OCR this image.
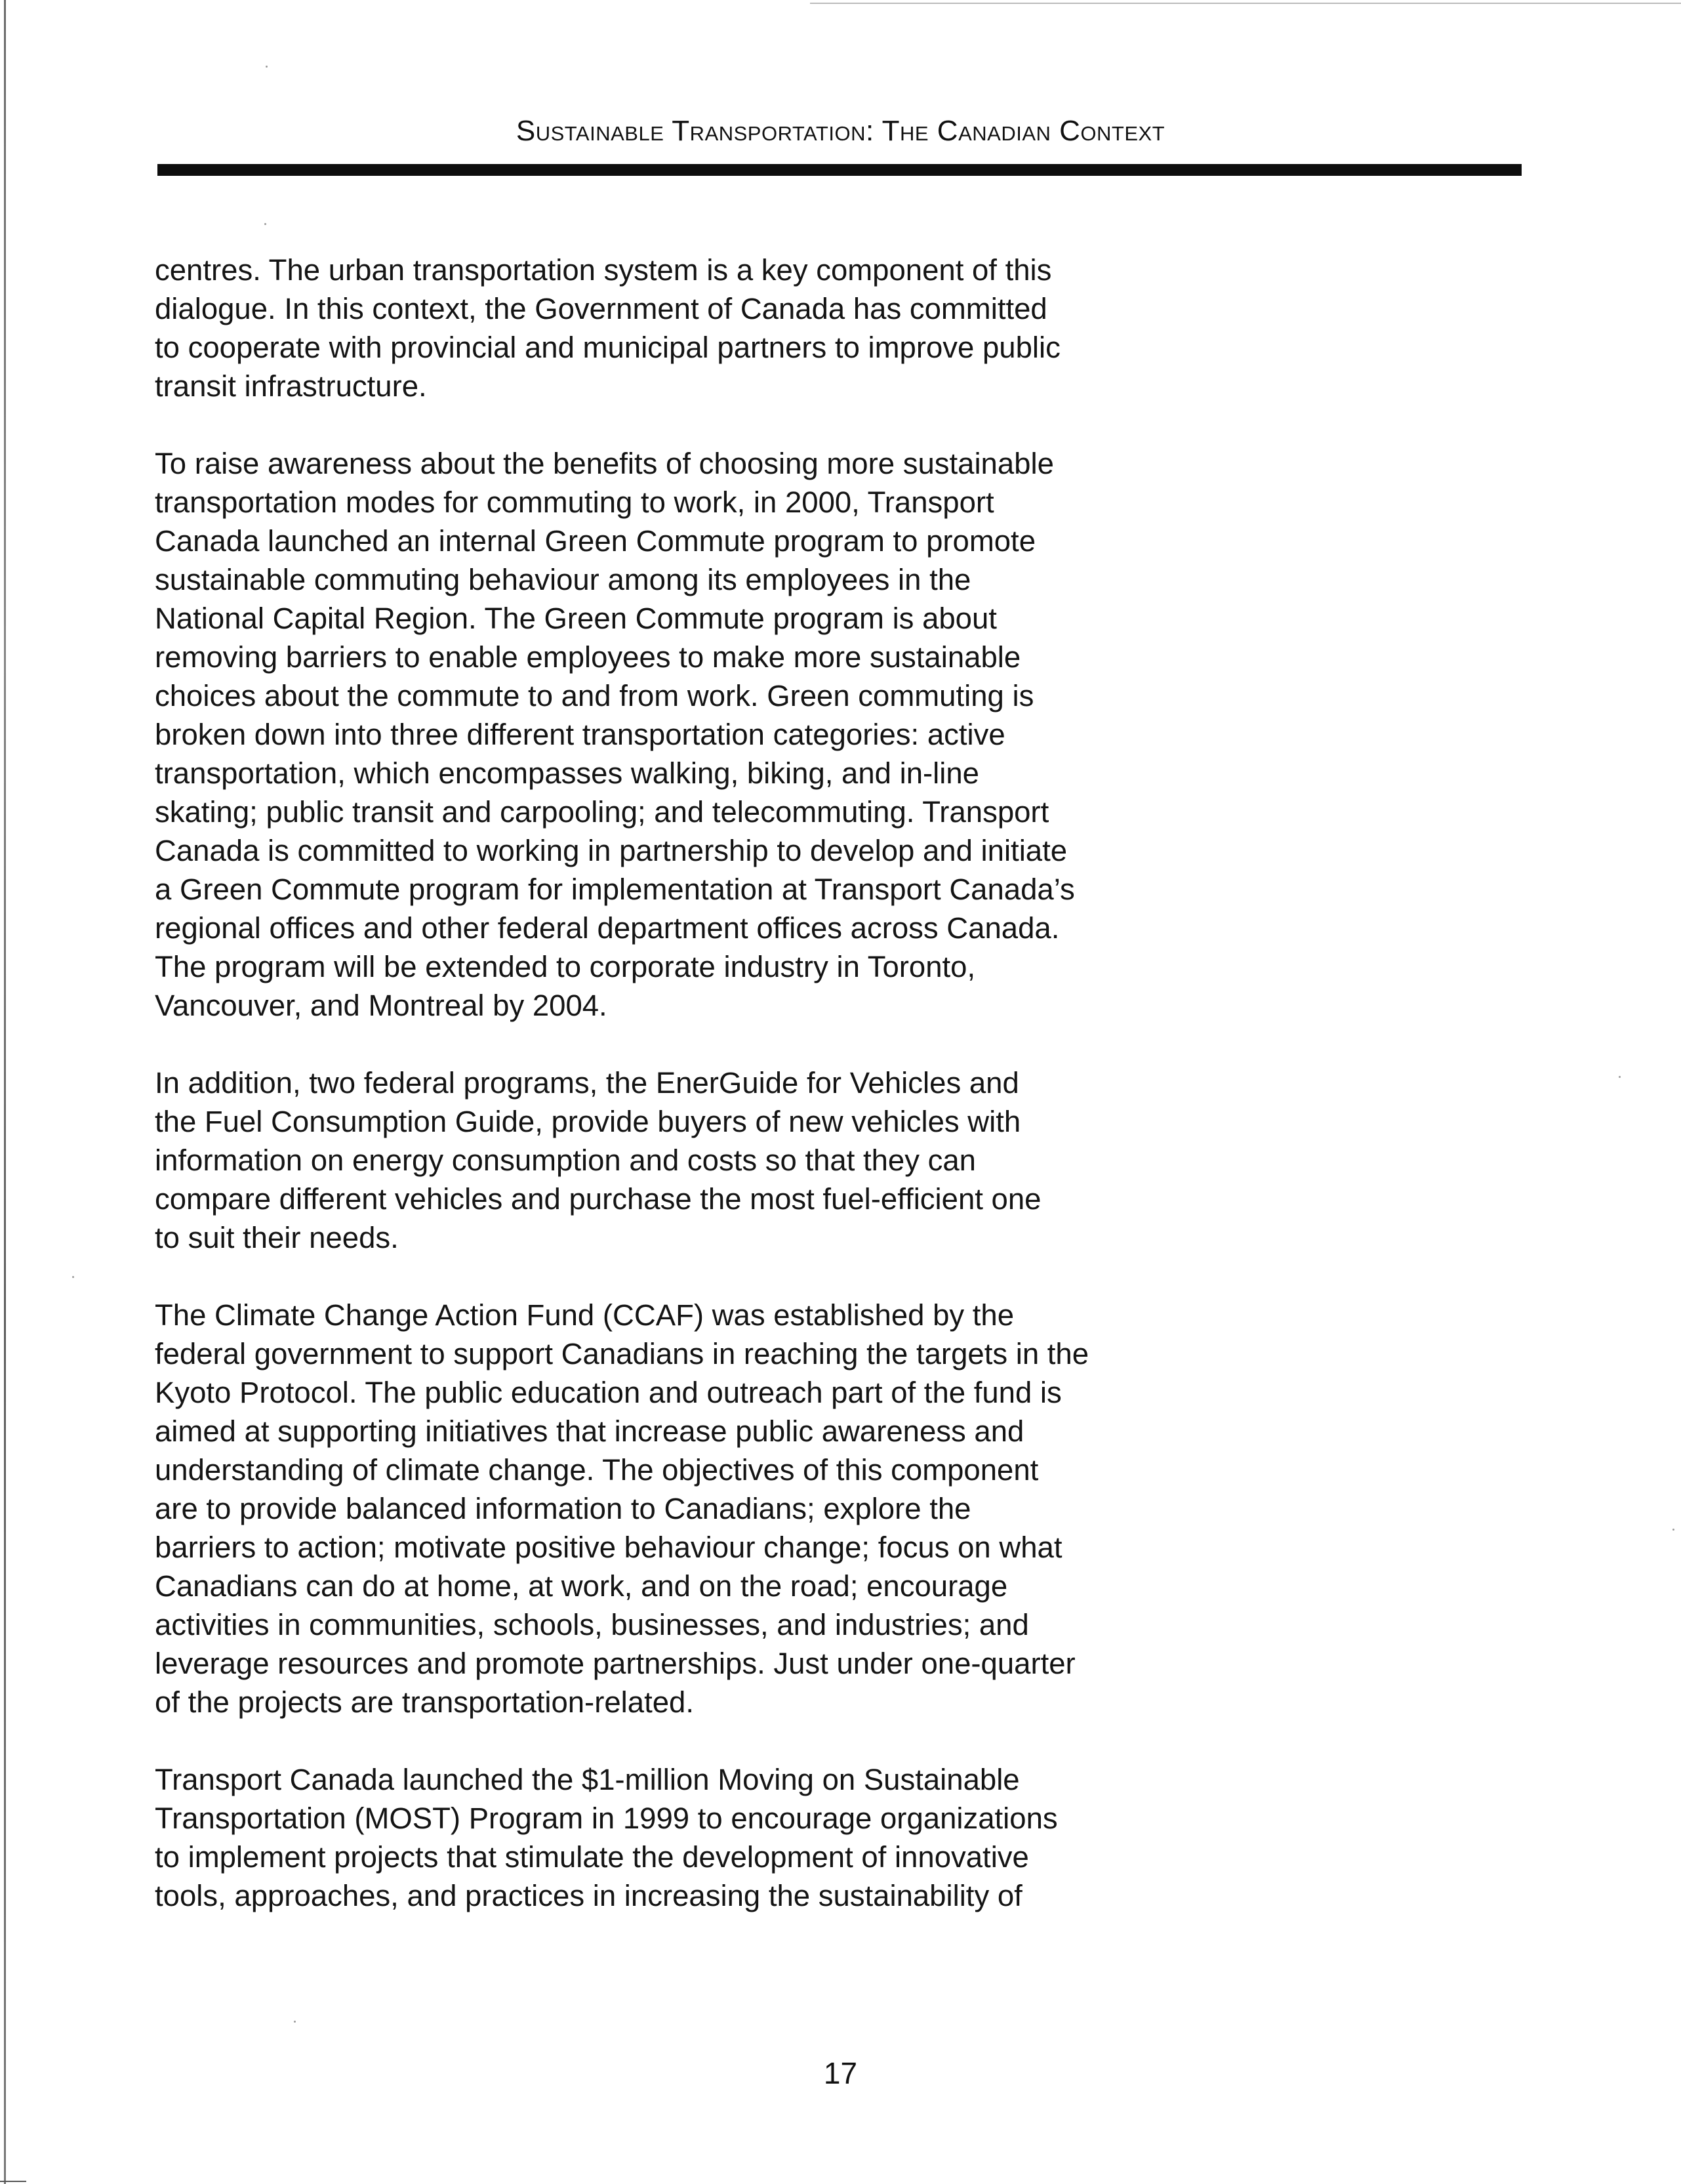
Sustainable Transportation: The Canadian Context

centres. The urban transportation system is a key component of this
dialogue. In this context, the Government of Canada has committed
to cooperate with provincial and municipal partners to improve public
transit infrastructure.

To raise awareness about the benefits of choosing more sustainable
transportation modes for commuting to work, in 2000, Transport
Canada launched an internal Green Commute program to promote
sustainable commuting behaviour among its employees in the
National Capital Region. The Green Commute program is about
removing barriers to enable employees to make more sustainable
choices about the commute to and from work. Green commuting is
broken down into three different transportation categories: active
transportation, which encompasses walking, biking, and in-line
skating; public transit and carpooling; and telecommuting. Transport
Canada is committed to working in partnership to develop and initiate
a Green Commute program for implementation at Transport Canada’s
regional offices and other federal department offices across Canada.
The program will be extended to corporate industry in Toronto,
Vancouver, and Montreal by 2004.

In addition, two federal programs, the EnerGuide for Vehicles and
the Fuel Consumption Guide, provide buyers of new vehicles with
information on energy consumption and costs so that they can
compare different vehicles and purchase the most fuel-efficient one
to suit their needs.

The Climate Change Action Fund (CCAF) was established by the
federal government to support Canadians in reaching the targets in the
Kyoto Protocol. The public education and outreach part of the fund is
aimed at supporting initiatives that increase public awareness and
understanding of climate change. The objectives of this component
are to provide balanced information to Canadians; explore the
barriers to action; motivate positive behaviour change; focus on what
Canadians can do at home, at work, and on the road; encourage
activities in communities, schools, businesses, and industries; and
leverage resources and promote partnerships. Just under one-quarter
of the projects are transportation-related.

Transport Canada launched the $1-million Moving on Sustainable
Transportation (MOST) Program in 1999 to encourage organizations
to implement projects that stimulate the development of innovative
tools, approaches, and practices in increasing the sustainability of

17
